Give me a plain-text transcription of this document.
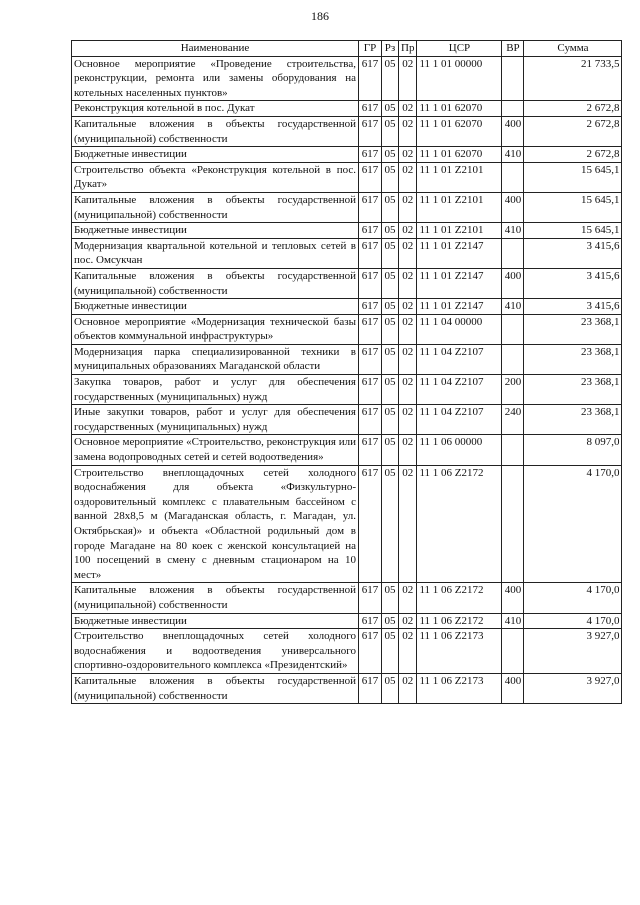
186
Наименование	ГР	Рз	Пр	ЦСР	ВР	Сумма
Основное мероприятие «Проведение строительства, реконструкции, ремонта или замены оборудования на котельных населенных пунктов»	617	05	02	11 1 01 00000		21 733,5
Реконструкция котельной в пос. Дукат	617	05	02	11 1 01 62070		2 672,8
Капитальные вложения в объекты государственной (муниципальной) собственности	617	05	02	11 1 01 62070	400	2 672,8
Бюджетные инвестиции	617	05	02	11 1 01 62070	410	2 672,8
Строительство объекта «Реконструкция котельной в пос. Дукат»	617	05	02	11 1 01 Z2101		15 645,1
Капитальные вложения в объекты государственной (муниципальной) собственности	617	05	02	11 1 01 Z2101	400	15 645,1
Бюджетные инвестиции	617	05	02	11 1 01 Z2101	410	15 645,1
Модернизация квартальной котельной и тепловых сетей в пос. Омсукчан	617	05	02	11 1 01 Z2147		3 415,6
Капитальные вложения в объекты государственной (муниципальной) собственности	617	05	02	11 1 01 Z2147	400	3 415,6
Бюджетные инвестиции	617	05	02	11 1 01 Z2147	410	3 415,6
Основное мероприятие «Модернизация технической базы объектов коммунальной инфраструктуры»	617	05	02	11 1 04 00000		23 368,1
Модернизация парка специализированной техники в муниципальных образованиях Магаданской области	617	05	02	11 1 04 Z2107		23 368,1
Закупка товаров, работ и услуг для обеспечения государственных (муниципальных) нужд	617	05	02	11 1 04 Z2107	200	23 368,1
Иные закупки товаров, работ и услуг для обеспечения государственных (муниципальных) нужд	617	05	02	11 1 04 Z2107	240	23 368,1
Основное мероприятие «Строительство, реконструкция или замена водопроводных сетей и сетей водоотведения»	617	05	02	11 1 06 00000		8 097,0
Строительство внеплощадочных сетей холодного водоснабжения для объекта «Физкультурно-оздоровительный комплекс с плавательным бассейном с ванной 28х8,5 м (Магаданская область, г. Магадан, ул. Октябрьская)» и объекта «Областной родильный дом в городе Магадане на 80 коек с женской консультацией на 100 посещений в смену с дневным стационаром на 10 мест»	617	05	02	11 1 06 Z2172		4 170,0
Капитальные вложения в объекты государственной (муниципальной) собственности	617	05	02	11 1 06 Z2172	400	4 170,0
Бюджетные инвестиции	617	05	02	11 1 06 Z2172	410	4 170,0
Строительство внеплощадочных сетей холодного водоснабжения и водоотведения универсального спортивно-оздоровительного комплекса «Президентский»	617	05	02	11 1 06 Z2173		3 927,0
Капитальные вложения в объекты государственной (муниципальной) собственности	617	05	02	11 1 06 Z2173	400	3 927,0
